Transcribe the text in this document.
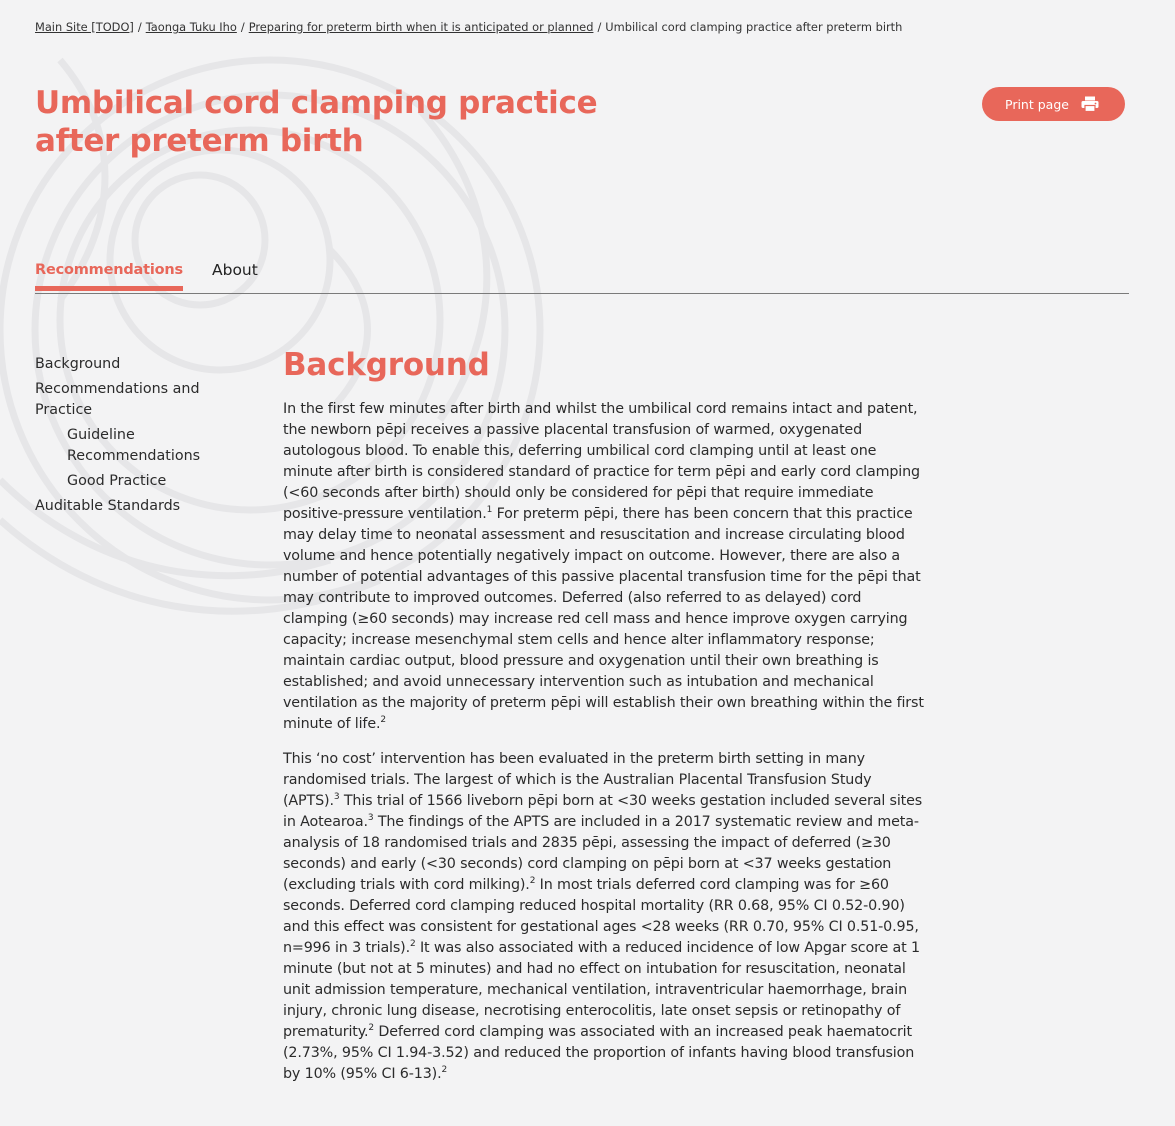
Main Site [TODO] / Taonga Tuku Iho / Preparing for preterm birth when it is anticipated or planned / Umbilical cord clamping practice after preterm birth
Umbilical cord clamping practice after preterm birth
Print page
Recommendations About
Background
Recommendations and Practice
Guideline Recommendations
Good Practice
Auditable Standards
Background

In the first few minutes after birth and whilst the umbilical cord remains intact and patent, the newborn pēpi receives a passive placental transfusion of warmed, oxygenated autologous blood. To enable this, deferring umbilical cord clamping until at least one minute after birth is considered standard of practice for term pēpi and early cord clamping (<60 seconds after birth) should only be considered for pēpi that require immediate positive-pressure ventilation.$^1$ For preterm pēpi, there has been concern that this practice may delay time to neonatal assessment and resuscitation and increase circulating blood volume and hence potentially negatively impact on outcome. However, there are also a number of potential advantages of this passive placental transfusion time for the pēpi that may contribute to improved outcomes. Deferred (also referred to as delayed) cord clamping (≥60 seconds) may increase red cell mass and hence improve oxygen carrying capacity; increase mesenchymal stem cells and hence alter inflammatory response; maintain cardiac output, blood pressure and oxygenation until their own breathing is established; and avoid unnecessary intervention such as intubation and mechanical ventilation as the majority of preterm pēpi will establish their own breathing within the first minute of life.$^2$

This ‘no cost’ intervention has been evaluated in the preterm birth setting in many randomised trials. The largest of which is the Australian Placental Transfusion Study (APTS).$^3$ This trial of 1566 liveborn pēpi born at <30 weeks gestation included several sites in Aotearoa.$^3$ The findings of the APTS are included in a 2017 systematic review and meta-analysis of 18 randomised trials and 2835 pēpi, assessing the impact of deferred (≥30 seconds) and early (<30 seconds) cord clamping on pēpi born at <37 weeks gestation (excluding trials with cord milking).$^2$ In most trials deferred cord clamping was for ≥60 seconds. Deferred cord clamping reduced hospital mortality (RR 0.68, 95% CI 0.52-0.90) and this effect was consistent for gestational ages <28 weeks (RR 0.70, 95% CI 0.51-0.95, n=996 in 3 trials).$^2$ It was also associated with a reduced incidence of low Apgar score at 1 minute (but not at 5 minutes) and had no effect on intubation for resuscitation, neonatal unit admission temperature, mechanical ventilation, intraventricular haemorrhage, brain injury, chronic lung disease, necrotising enterocolitis, late onset sepsis or retinopathy of prematurity.$^2$ Deferred cord clamping was associated with an increased peak haematocrit (2.73%, 95% CI 1.94-3.52) and reduced the proportion of infants having blood transfusion by 10% (95% CI 6-13).$^2$
